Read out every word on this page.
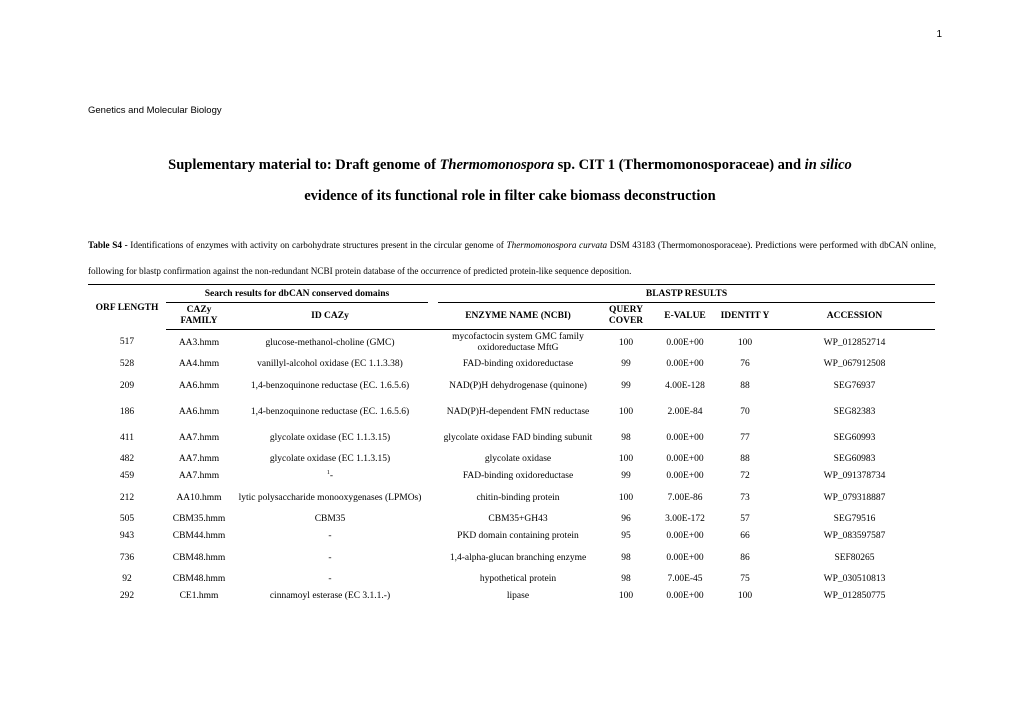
1
Genetics and Molecular Biology
Suplementary material to: Draft genome of Thermomonospora sp. CIT 1 (Thermomonosporaceae) and in silico
evidence of its functional role in filter cake biomass deconstruction
Table S4 - Identifications of enzymes with activity on carbohydrate structures present in the circular genome of Thermomonospora curvata DSM 43183 (Thermomonosporaceae). Predictions were performed with dbCAN online, following for blastp confirmation against the non-redundant NCBI protein database of the occurrence of predicted protein-like sequence deposition.
ORF LENGTH	Search results for dbCAN conserved domains			BLASTP RESULTS				
	CAZy FAMILY	ID CAZy		ENZYME NAME (NCBI)	QUERY COVER	E-VALUE	IDENTIT Y	ACCESSION
517	AA3.hmm	glucose-methanol-choline (GMC)		mycofactocin system GMC family oxidoreductase MftG	100	0.00E+00	100	WP_012852714
528	AA4.hmm	vanillyl-alcohol oxidase (EC 1.1.3.38)		FAD-binding oxidoreductase	99	0.00E+00	76	WP_067912508
209	AA6.hmm	1,4-benzoquinone reductase (EC. 1.6.5.6)		NAD(P)H dehydrogenase (quinone)	99	4.00E-128	88	SEG76937
186	AA6.hmm	1,4-benzoquinone reductase (EC. 1.6.5.6)		NAD(P)H-dependent FMN reductase	100	2.00E-84	70	SEG82383
411	AA7.hmm	glycolate oxidase (EC 1.1.3.15)		glycolate oxidase FAD binding subunit	98	0.00E+00	77	SEG60993
482	AA7.hmm	glycolate oxidase (EC 1.1.3.15)		glycolate oxidase	100	0.00E+00	88	SEG60983
459	AA7.hmm	$^1$-		FAD-binding oxidoreductase	99	0.00E+00	72	WP_091378734
212	AA10.hmm	lytic polysaccharide monooxygenases (LPMOs)		chitin-binding protein	100	7.00E-86	73	WP_079318887
505	CBM35.hmm	CBM35		CBM35+GH43	96	3.00E-172	57	SEG79516
943	CBM44.hmm	-		PKD domain containing protein	95	0.00E+00	66	WP_083597587
736	CBM48.hmm	-		1,4-alpha-glucan branching enzyme	98	0.00E+00	86	SEF80265
92	CBM48.hmm	-		hypothetical protein	98	7.00E-45	75	WP_030510813
292	CE1.hmm	cinnamoyl esterase (EC 3.1.1.-)		lipase	100	0.00E+00	100	WP_012850775
